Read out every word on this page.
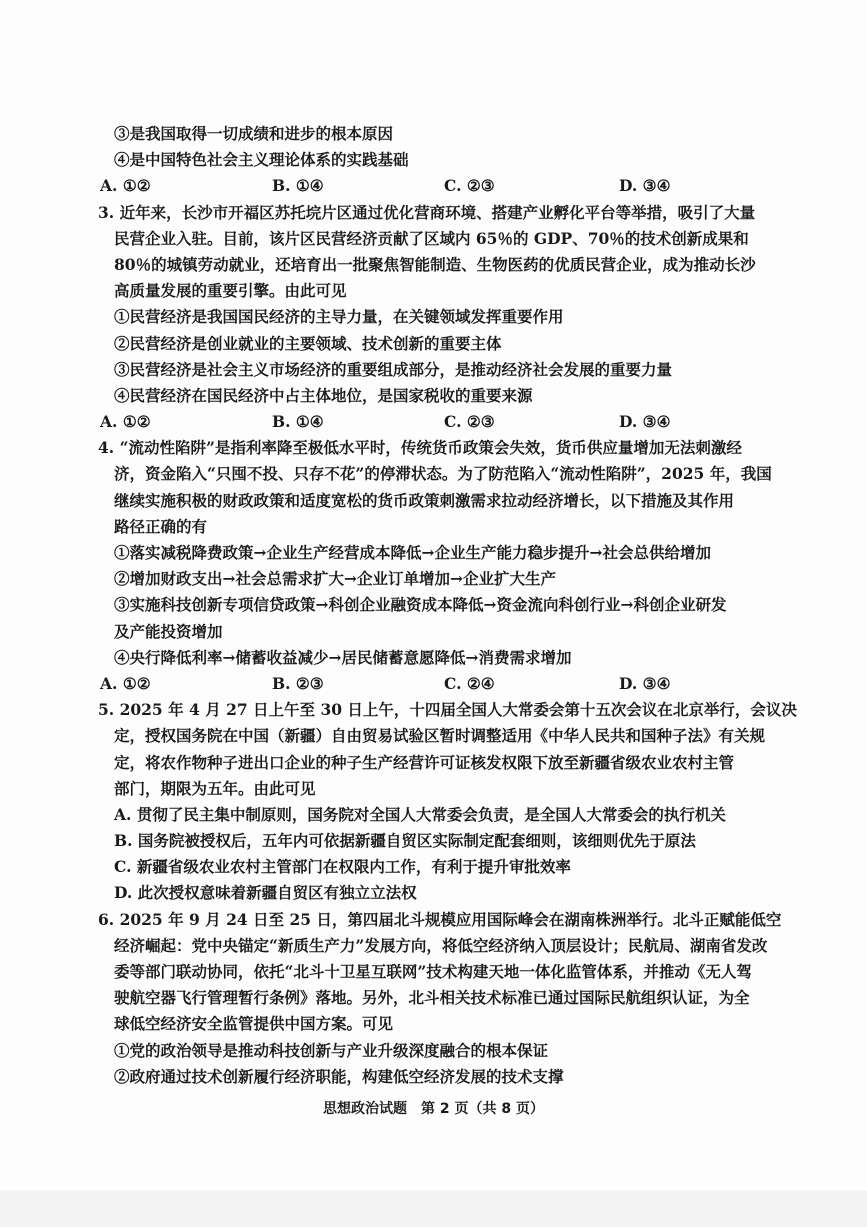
③是我国取得一切成绩和进步的根本原因
④是中国特色社会主义理论体系的实践基础
A. ①②	B. ①④	C. ②③	D. ③④
3. 近年来，长沙市开福区苏托垸片区通过优化营商环境、搭建产业孵化平台等举措，吸引了大量
民营企业入驻。目前，该片区民营经济贡献了区域内 65％的 GDP、70％的技术创新成果和
80％的城镇劳动就业，还培育出一批聚焦智能制造、生物医药的优质民营企业，成为推动长沙
高质量发展的重要引擎。由此可见
①民营经济是我国国民经济的主导力量，在关键领域发挥重要作用
②民营经济是创业就业的主要领域、技术创新的重要主体
③民营经济是社会主义市场经济的重要组成部分，是推动经济社会发展的重要力量
④民营经济在国民经济中占主体地位，是国家税收的重要来源
A. ①②	B. ①④	C. ②③	D. ③④
4. “流动性陷阱”是指利率降至极低水平时，传统货币政策会失效，货币供应量增加无法刺激经
济，资金陷入“只囤不投、只存不花”的停滞状态。为了防范陷入“流动性陷阱”，2025 年，我国
继续实施积极的财政政策和适度宽松的货币政策刺激需求拉动经济增长，以下措施及其作用
路径正确的有
①落实减税降费政策→企业生产经营成本降低→企业生产能力稳步提升→社会总供给增加
②增加财政支出→社会总需求扩大→企业订单增加→企业扩大生产
③实施科技创新专项信贷政策→科创企业融资成本降低→资金流向科创行业→科创企业研发
及产能投资增加
④央行降低利率→储蓄收益减少→居民储蓄意愿降低→消费需求增加
A. ①②	B. ②③	C. ②④	D. ③④
5. 2025 年 4 月 27 日上午至 30 日上午，十四届全国人大常委会第十五次会议在北京举行，会议决
定，授权国务院在中国（新疆）自由贸易试验区暂时调整适用《中华人民共和国种子法》有关规
定，将农作物种子进出口企业的种子生产经营许可证核发权限下放至新疆省级农业农村主管
部门，期限为五年。由此可见
A. 贯彻了民主集中制原则，国务院对全国人大常委会负责，是全国人大常委会的执行机关
B. 国务院被授权后，五年内可依据新疆自贸区实际制定配套细则，该细则优先于原法
C. 新疆省级农业农村主管部门在权限内工作，有利于提升审批效率
D. 此次授权意味着新疆自贸区有独立立法权
6. 2025 年 9 月 24 日至 25 日，第四届北斗规模应用国际峰会在湖南株洲举行。北斗正赋能低空
经济崛起：党中央锚定“新质生产力”发展方向，将低空经济纳入顶层设计；民航局、湖南省发改
委等部门联动协同，依托“北斗十卫星互联网”技术构建天地一体化监管体系，并推动《无人驾
驶航空器飞行管理暂行条例》落地。另外，北斗相关技术标准已通过国际民航组织认证，为全
球低空经济安全监管提供中国方案。可见
①党的政治领导是推动科技创新与产业升级深度融合的根本保证
②政府通过技术创新履行经济职能，构建低空经济发展的技术支撑
思想政治试题　第 2 页（共 8 页）
